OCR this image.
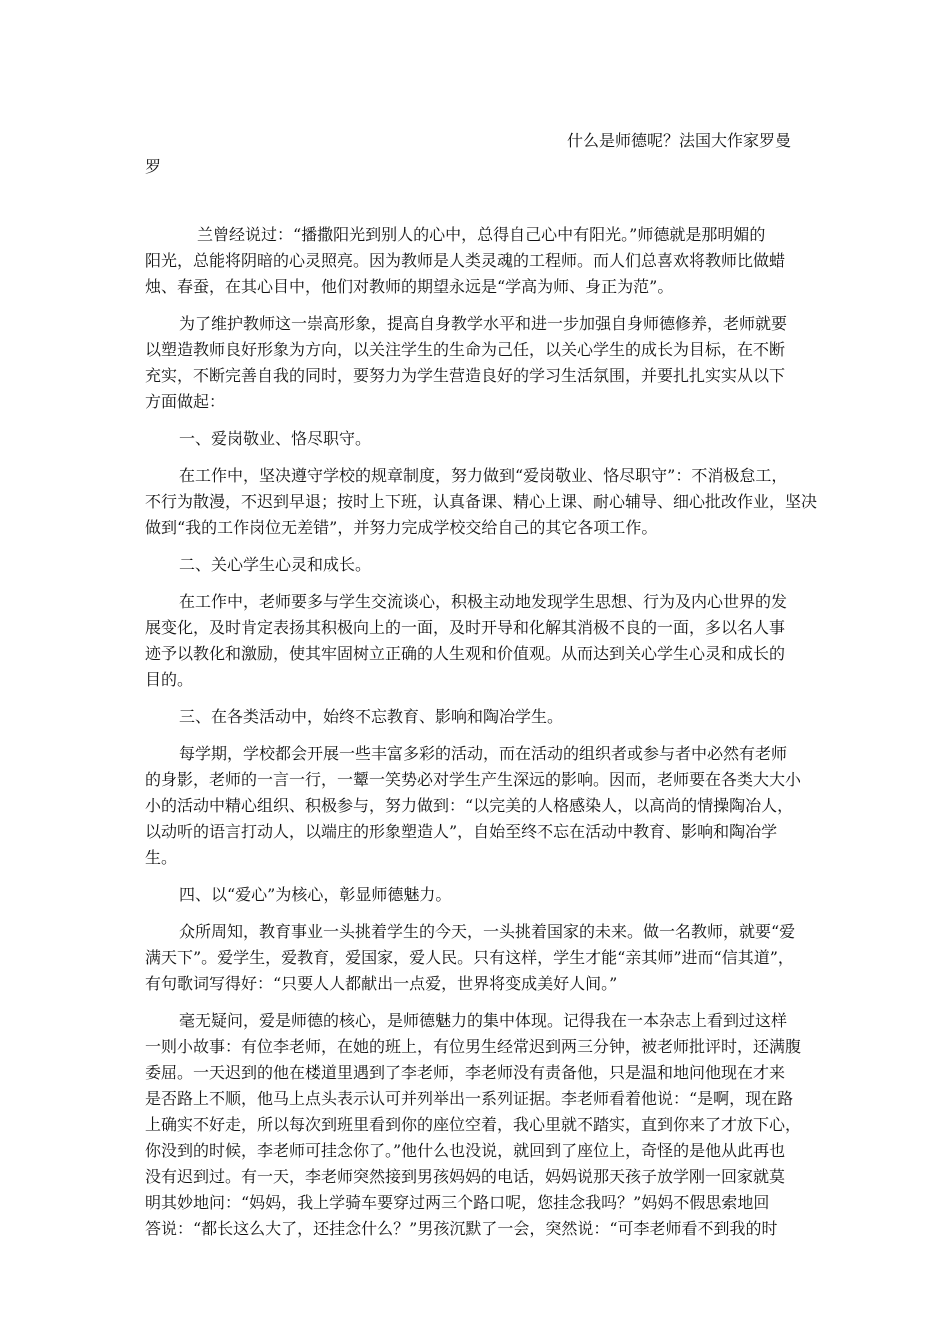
什么是师德呢？法国大作家罗曼
罗
兰曾经说过：“播撒阳光到别人的心中，总得自己心中有阳光。”师德就是那明媚的
阳光，总能将阴暗的心灵照亮。因为教师是人类灵魂的工程师。而人们总喜欢将教师比做蜡
烛、春蚕，在其心目中，他们对教师的期望永远是“学高为师、身正为范”。
为了维护教师这一崇高形象，提高自身教学水平和进一步加强自身师德修养，老师就要
以塑造教师良好形象为方向，以关注学生的生命为己任，以关心学生的成长为目标，在不断
充实，不断完善自我的同时，要努力为学生营造良好的学习生活氛围，并要扎扎实实从以下
方面做起：
一、爱岗敬业、恪尽职守。
在工作中，坚决遵守学校的规章制度，努力做到“爱岗敬业、恪尽职守”：不消极怠工，
不行为散漫，不迟到早退；按时上下班，认真备课、精心上课、耐心辅导、细心批改作业，坚决
做到“我的工作岗位无差错”，并努力完成学校交给自己的其它各项工作。
二、关心学生心灵和成长。
在工作中，老师要多与学生交流谈心，积极主动地发现学生思想、行为及内心世界的发
展变化，及时肯定表扬其积极向上的一面，及时开导和化解其消极不良的一面，多以名人事
迹予以教化和激励，使其牢固树立正确的人生观和价值观。从而达到关心学生心灵和成长的
目的。
三、在各类活动中，始终不忘教育、影响和陶冶学生。
每学期，学校都会开展一些丰富多彩的活动，而在活动的组织者或参与者中必然有老师
的身影，老师的一言一行，一颦一笑势必对学生产生深远的影响。因而，老师要在各类大大小
小的活动中精心组织、积极参与，努力做到：“以完美的人格感染人，以高尚的情操陶冶人，
以动听的语言打动人，以端庄的形象塑造人”，自始至终不忘在活动中教育、影响和陶冶学
生。
四、以“爱心”为核心，彰显师德魅力。
众所周知，教育事业一头挑着学生的今天，一头挑着国家的未来。做一名教师，就要“爱
满天下”。爱学生，爱教育，爱国家，爱人民。只有这样，学生才能“亲其师”进而“信其道”，
有句歌词写得好：“只要人人都献出一点爱，世界将变成美好人间。”
毫无疑问，爱是师德的核心，是师德魅力的集中体现。记得我在一本杂志上看到过这样
一则小故事：有位李老师，在她的班上，有位男生经常迟到两三分钟，被老师批评时，还满腹
委屈。一天迟到的他在楼道里遇到了李老师，李老师没有责备他，只是温和地问他现在才来
是否路上不顺，他马上点头表示认可并列举出一系列证据。李老师看着他说：“是啊，现在路
上确实不好走，所以每次到班里看到你的座位空着，我心里就不踏实，直到你来了才放下心，
你没到的时候，李老师可挂念你了。”他什么也没说，就回到了座位上，奇怪的是他从此再也
没有迟到过。有一天，李老师突然接到男孩妈妈的电话，妈妈说那天孩子放学刚一回家就莫
明其妙地问：“妈妈，我上学骑车要穿过两三个路口呢，您挂念我吗？”妈妈不假思索地回
答说：“都长这么大了，还挂念什么？”男孩沉默了一会，突然说：“可李老师看不到我的时
